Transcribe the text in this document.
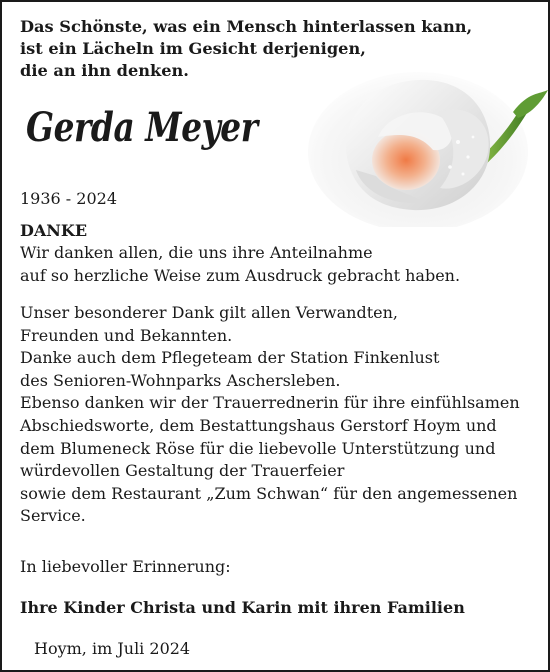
Das Schönste, was ein Mensch hinterlassen kann,
ist ein Lächeln im Gesicht derjenigen,
die an ihn denken.
Gerda Meyer
1936 - 2024
DANKE
Wir danken allen, die uns ihre Anteilnahme
auf so herzliche Weise zum Ausdruck gebracht haben.
Unser besonderer Dank gilt allen Verwandten,
Freunden und Bekannten.
Danke auch dem Pflegeteam der Station Finkenlust
des Senioren-Wohnparks Aschersleben.
Ebenso danken wir der Trauerrednerin für ihre einfühlsamen
Abschiedsworte, dem Bestattungshaus Gerstorf Hoym und
dem Blumeneck Röse für die liebevolle Unterstützung und
würdevollen Gestaltung der Trauerfeier
sowie dem Restaurant „Zum Schwan“ für den angemessenen
Service.
In liebevoller Erinnerung:
Ihre Kinder Christa und Karin mit ihren Familien
Hoym, im Juli 2024
